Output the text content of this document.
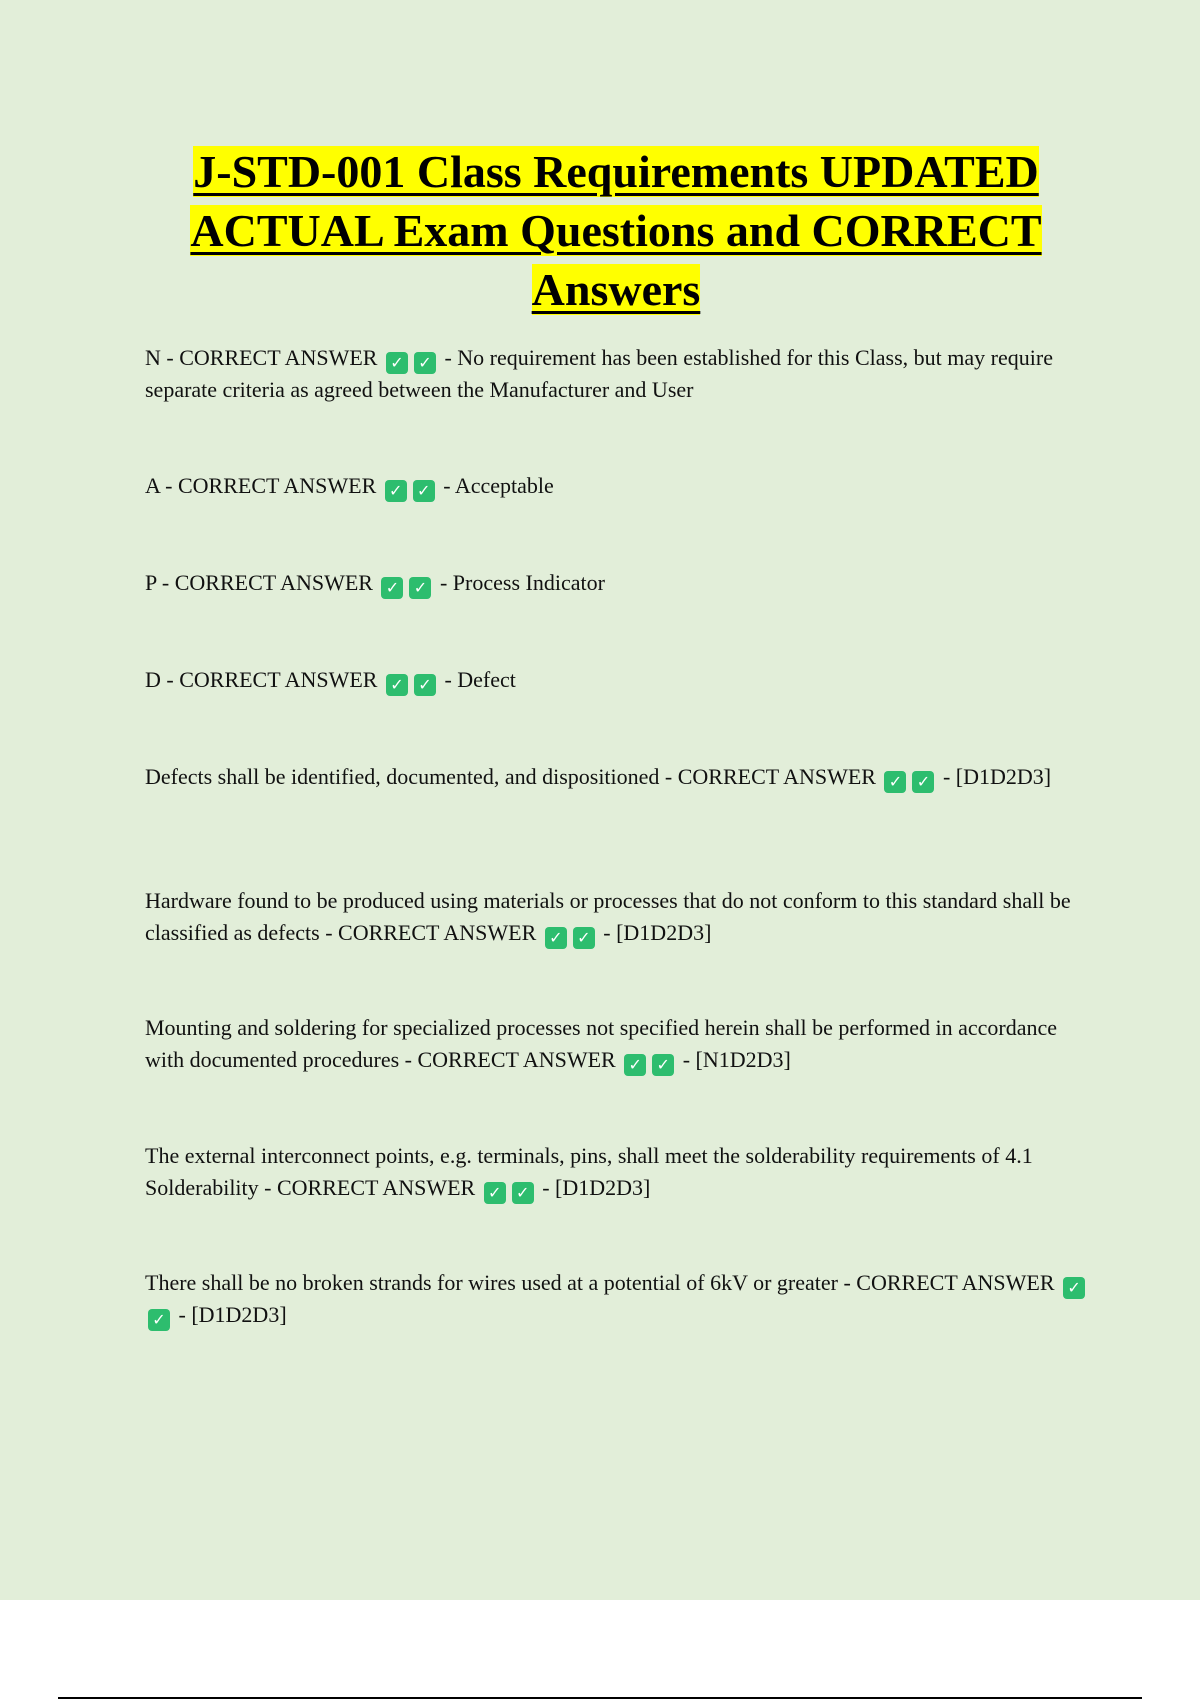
J-STD-001 Class Requirements UPDATED ACTUAL Exam Questions and CORRECT Answers

N - CORRECT ANSWER ✓ ✓ - No requirement has been established for this Class, but may require separate criteria as agreed between the Manufacturer and User

A - CORRECT ANSWER ✓ ✓ - Acceptable

P - CORRECT ANSWER ✓ ✓ - Process Indicator

D - CORRECT ANSWER ✓ ✓ - Defect

Defects shall be identified, documented, and dispositioned - CORRECT ANSWER ✓ ✓ - [D1D2D3]

Hardware found to be produced using materials or processes that do not conform to this standard shall be classified as defects - CORRECT ANSWER ✓ ✓ - [D1D2D3]

Mounting and soldering for specialized processes not specified herein shall be performed in accordance with documented procedures - CORRECT ANSWER ✓ ✓ - [N1D2D3]

The external interconnect points, e.g. terminals, pins, shall meet the solderability requirements of 4.1 Solderability - CORRECT ANSWER ✓ ✓ - [D1D2D3]

There shall be no broken strands for wires used at a potential of 6kV or greater - CORRECT ANSWER ✓✓ - [D1D2D3]
